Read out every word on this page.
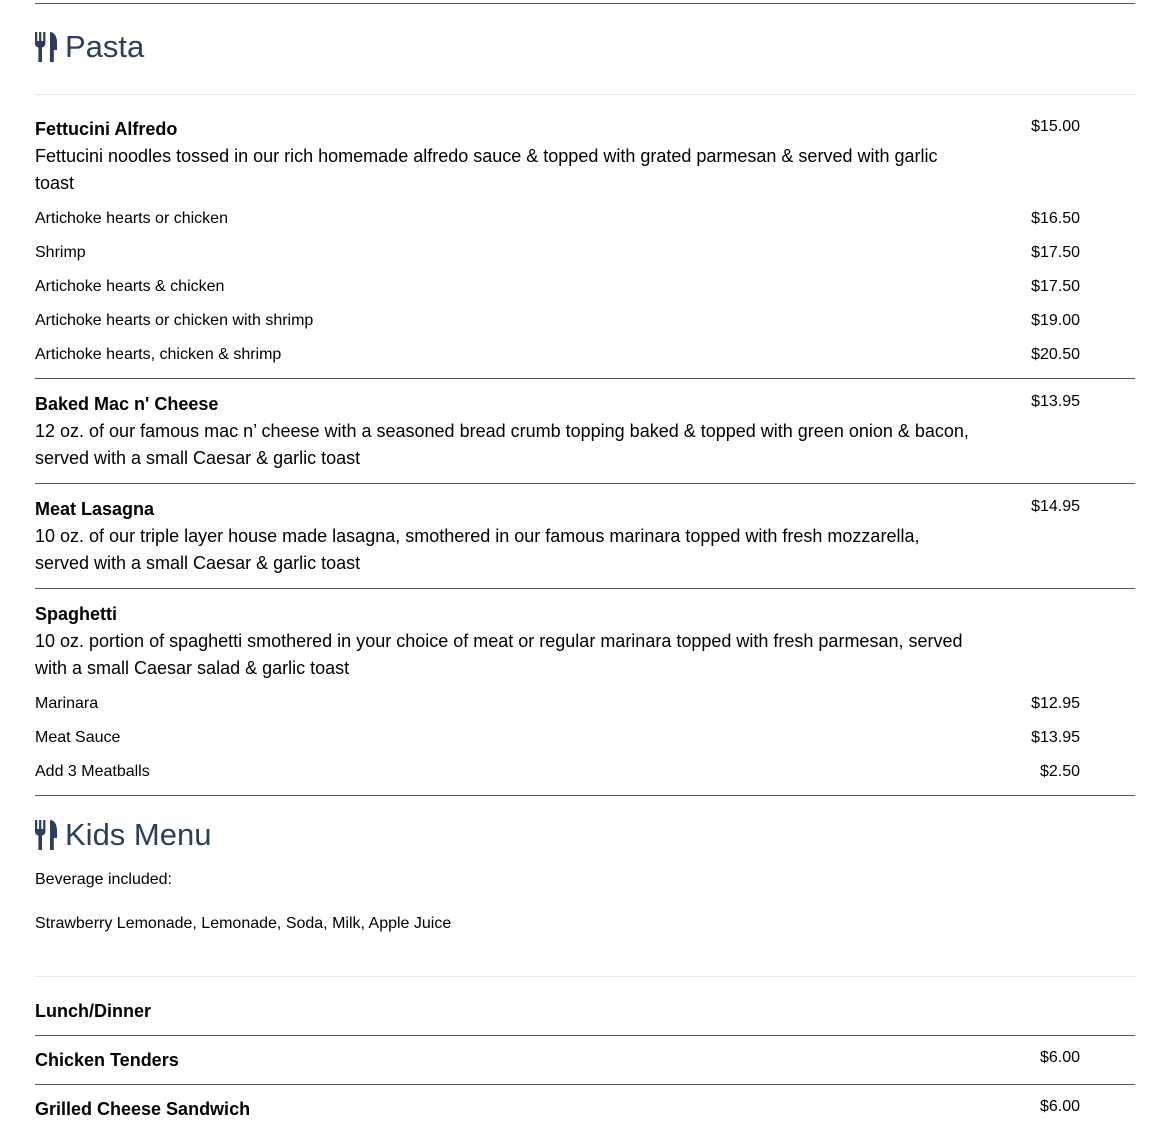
Pasta
Fettucini Alfredo	$15.00
Fettucini noodles tossed in our rich homemade alfredo sauce & topped with grated parmesan & served with garlic toast
Artichoke hearts or chicken	$16.50
Shrimp	$17.50
Artichoke hearts & chicken	$17.50
Artichoke hearts or chicken with shrimp	$19.00
Artichoke hearts, chicken & shrimp	$20.50
Baked Mac n' Cheese	$13.95
12 oz. of our famous mac n’ cheese with a seasoned bread crumb topping baked & topped with green onion & bacon, served with a small Caesar & garlic toast
Meat Lasagna	$14.95
10 oz. of our triple layer house made lasagna, smothered in our famous marinara topped with fresh mozzarella, served with a small Caesar & garlic toast
Spaghetti
10 oz. portion of spaghetti smothered in your choice of meat or regular marinara topped with fresh parmesan, served with a small Caesar salad & garlic toast
Marinara	$12.95
Meat Sauce	$13.95
Add 3 Meatballs	$2.50
Kids Menu
Beverage included:
Strawberry Lemonade, Lemonade, Soda, Milk, Apple Juice
Lunch/Dinner
Chicken Tenders	$6.00
Grilled Cheese Sandwich	$6.00
